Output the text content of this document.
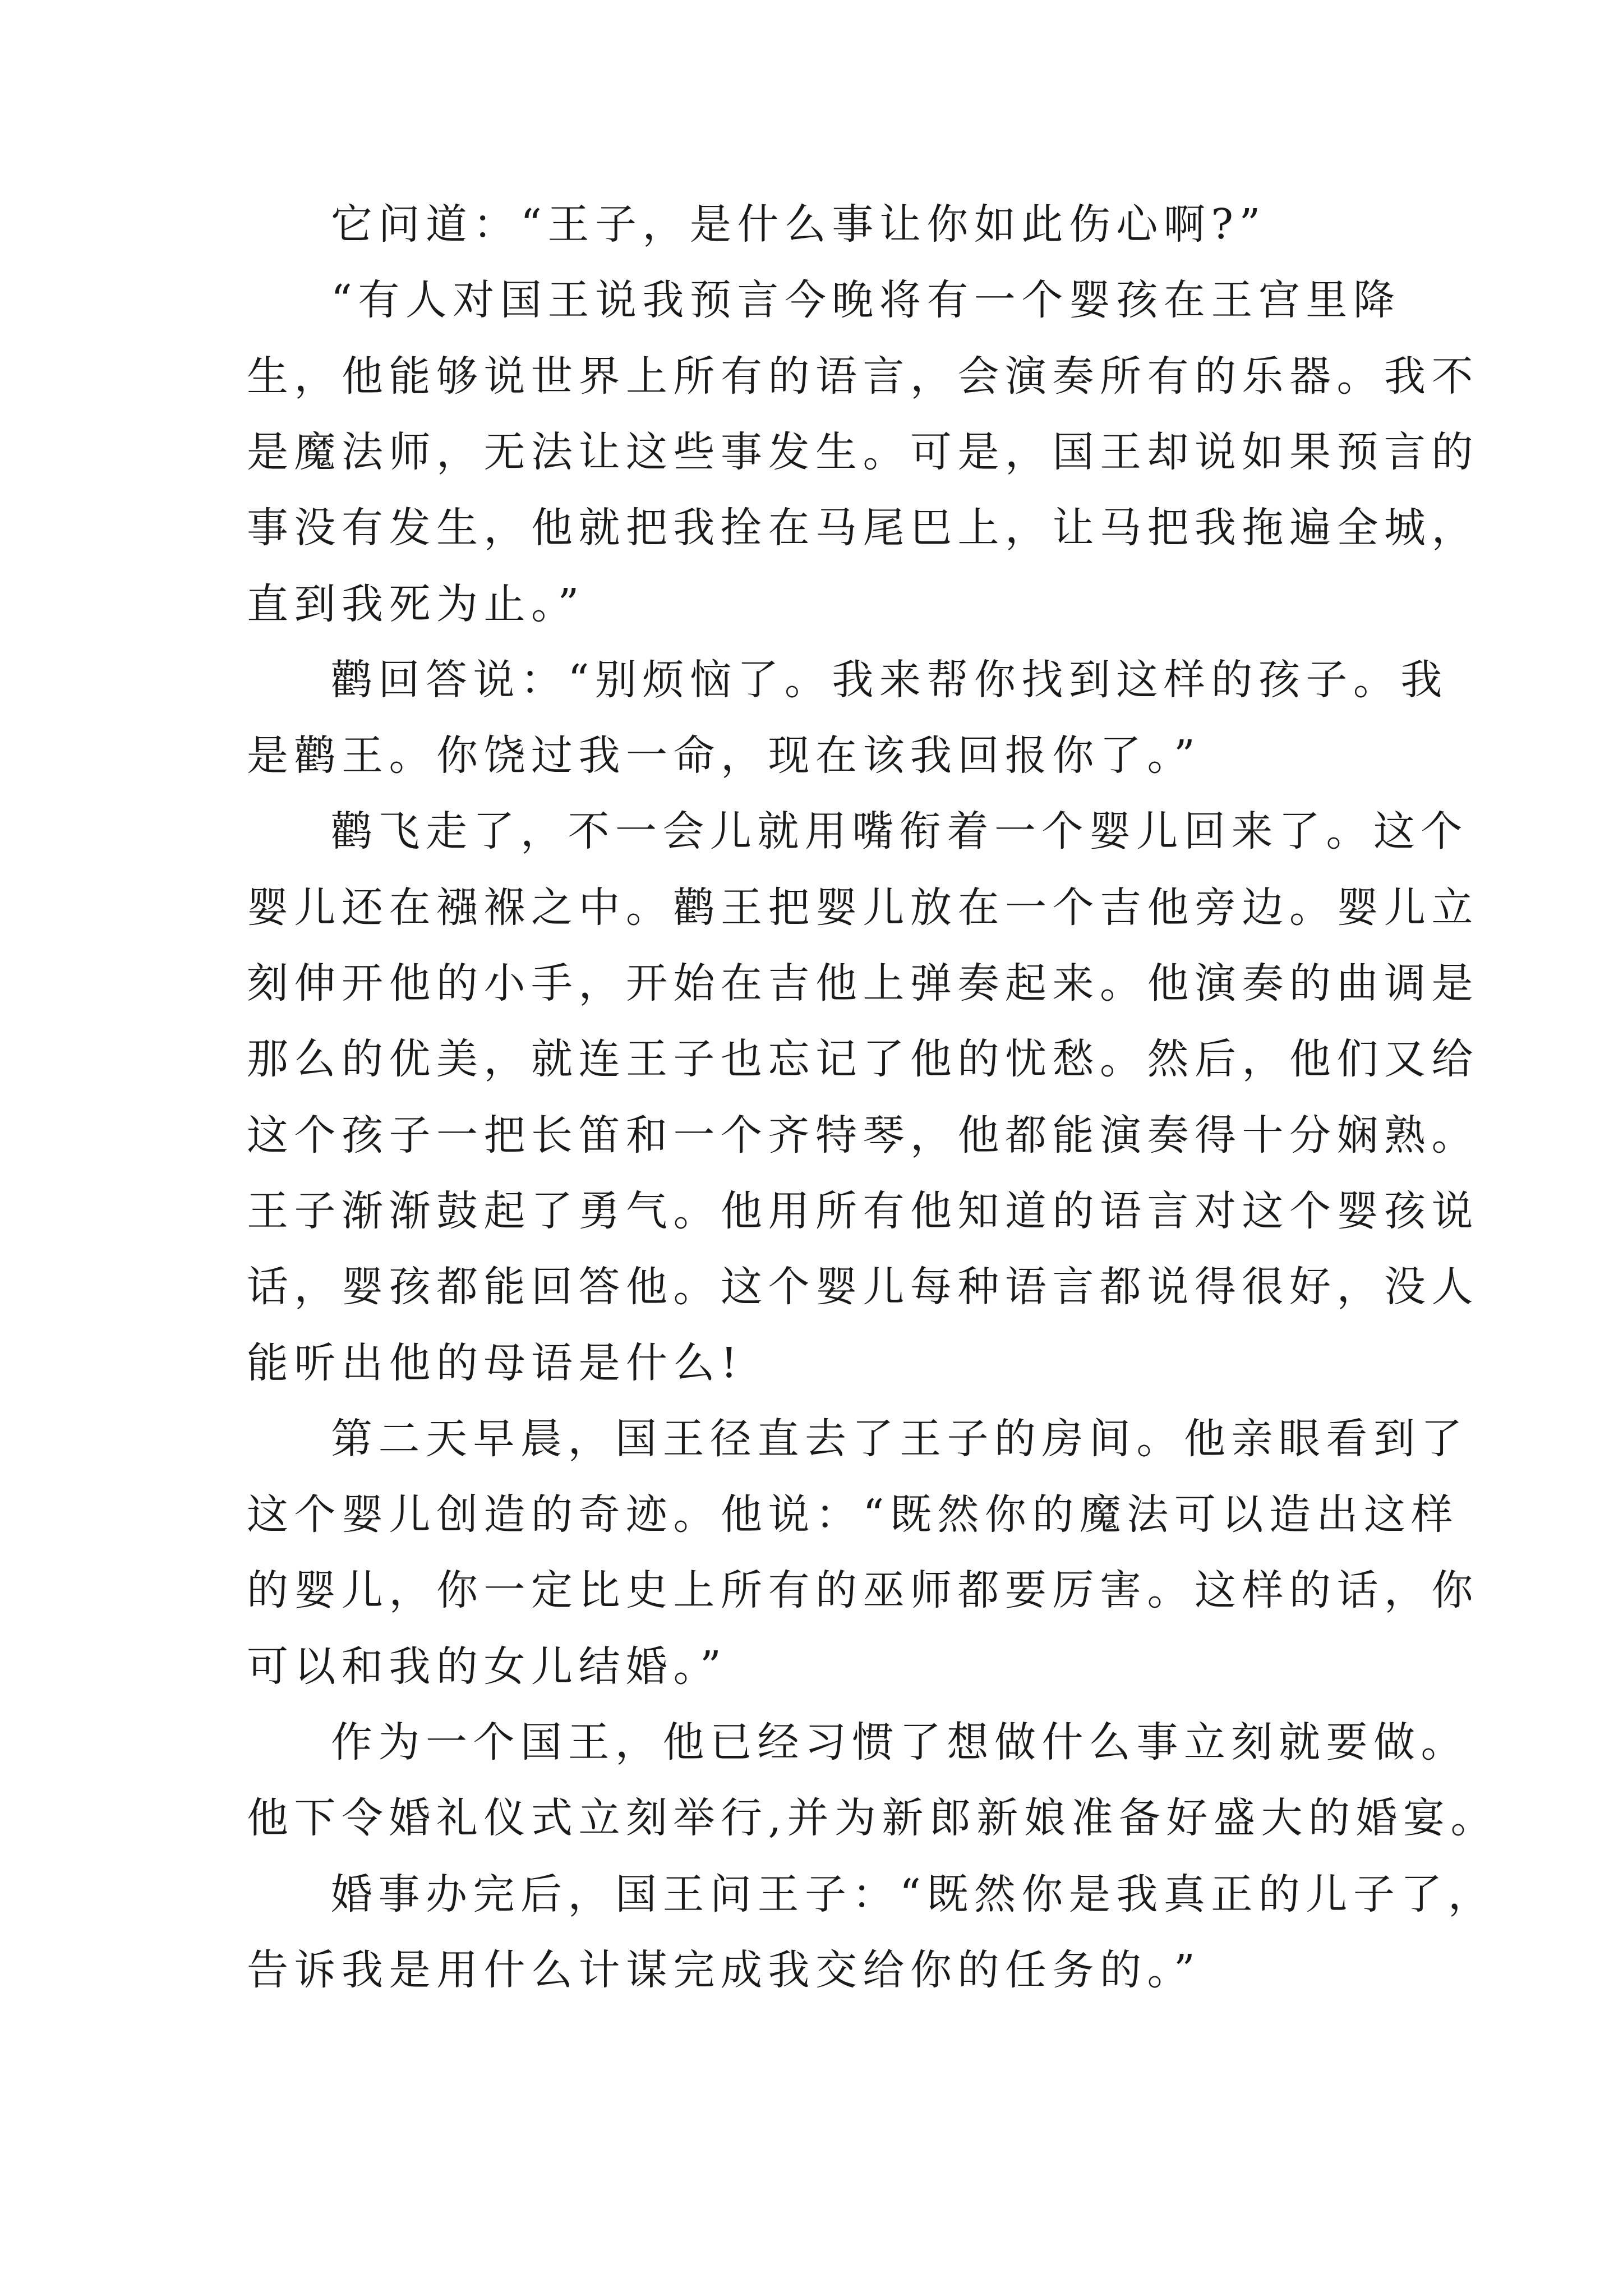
它问道：“王子，是什么事让你如此伤心啊?”
“有人对国王说我预言今晚将有一个婴孩在王宫里降
生，他能够说世界上所有的语言，会演奏所有的乐器。我不
是魔法师，无法让这些事发生。可是，国王却说如果预言的
事没有发生，他就把我拴在马尾巴上，让马把我拖遍全城，
直到我死为止。”
鹳回答说：“别烦恼了。我来帮你找到这样的孩子。我
是鹳王。你饶过我一命，现在该我回报你了。”
鹳飞走了，不一会儿就用嘴衔着一个婴儿回来了。这个
婴儿还在襁褓之中。鹳王把婴儿放在一个吉他旁边。婴儿立
刻伸开他的小手，开始在吉他上弹奏起来。他演奏的曲调是
那么的优美，就连王子也忘记了他的忧愁。然后，他们又给
这个孩子一把长笛和一个齐特琴，他都能演奏得十分娴熟。
王子渐渐鼓起了勇气。他用所有他知道的语言对这个婴孩说
话，婴孩都能回答他。这个婴儿每种语言都说得很好，没人
能听出他的母语是什么!
第二天早晨，国王径直去了王子的房间。他亲眼看到了
这个婴儿创造的奇迹。他说：“既然你的魔法可以造出这样
的婴儿，你一定比史上所有的巫师都要厉害。这样的话，你
可以和我的女儿结婚。”
作为一个国王，他已经习惯了想做什么事立刻就要做。
他下令婚礼仪式立刻举行,并为新郎新娘准备好盛大的婚宴。
婚事办完后，国王问王子：“既然你是我真正的儿子了，
告诉我是用什么计谋完成我交给你的任务的。”
